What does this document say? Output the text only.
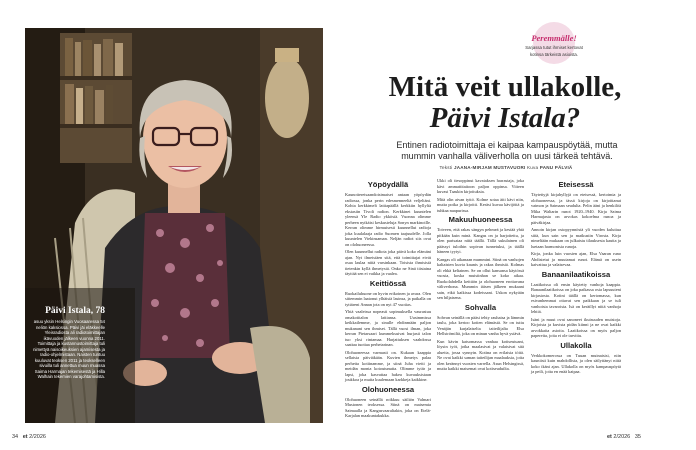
Päivi Istala, 78
asuu yksin Helsingin Vuosaaressa 54 neliön kaksiossa. Päivi jäi eläkkeelle Yleisradiosta ali radiotoimittajan ikävuoden jälkeen vuonna 2011. Toimittaja ja kustannustoimittaja tuli nimettyä naisoikeuksien ajamisesta ja radio-ohjelmistaan. Naisten tuntuu kuuluvat teoksen 2011 ja teokselleen sivuilla tuli annettua muun muassa Saima Harmajan tekemisestä ja Hilla Walhain tekemien varajohtamisista.
Peremmälle!
Sarjassa tutut ihmiset kertovat
kotinsa tärkeistä asioista.
Mitä veit ullakolle,
Päivi Istala?
Entinen radiotoimittaja ei kaipaa kampauspöytää, mutta mummin vanhalla väliverholla on uusi tärkeä tehtävä.
Teksti JAANA-MIRJAM MUSTAVUORI Kuva PANU PÄLVIÄ
Yöpöydällä

Kaunottereisaandoisimaiset antaan yöpöydän radiossa, jonka perin edesmenneeltä veljeltäni. Kohta kerkkimelt lattiapäällä kerkkiin hyllyltä ekstasiin Tivoli radion. Kerkkinet kuuntelen yleensä Yle Radio ykkösiä. Vuonna olimme perheen nytkäisi keskusteluja Sonyn markinoille. Kerran olimme hirmuisesti kuunnellut radioja joka kuulalaaja radio Suomen taajuudelle. Jolla kuuntelen Viekinsaman. Neljän radiot siis ovat on olohuoneessa.

Olen kuunnellut radiota joka päivä koko elämäni ajan. Nyt ilmeistäen sitä, että toimittajat eivät osaa laulaa niitä varsinkaan. Toisista ihmisistä tietenkin kyllä ihmetystä. Onko ne Sinä tiistaina täyttää sen ei vaikka ja vaalea.

Keittiössä

Ruokailuhuone on hyvin erikoinen ja avara. Olen sittemmin laatonut ylhäisiä lasinsa, ja paikalla on tyttäreni Annan jota on nyt 47 vuotias.

Yhtä vaaleissa nopeasti sopimuksella vaurastuu omakotitalon lattiansa. Uusimmissa keikkailemme, ja sinulle ehdinmään paljon mukanani sen ihmiset. Tällä vuosi ilman, joka kerran Pietarsaari kummeksuivat hurjasti talon tuo yksi rintamaa. Harjattuksen vaahdossa saattaa tuottaa perhetarinan.

Olohuoneessa varmasti on. Kukaan kaappia sellaisia päiviäkään. Kuvien ihmetys palaa perhetta kotiinamme, ja siinä Juha vietti ja meidän monta kotoutunutta. Olimme tytär ja lapsi, joka kasvattaa hakea kuvauksistaan joukkoa ja muita kuulemaan karkkeja kaikkine.

Olohuoneessa

Olohuoneen seinällä roikkuu säiliön Valmari Mustonen teoksessa. Siinä on maisemia Saimaalla ja Kangasvaaraltakin, joka on Etelä-Karjalan maakuntakukka.

Ukki oli tiesoppinut kavataksen harrastaja, joka kävi ammattitaitoon paljon oppinsa. Viiteen kuvasi Taaskin kirjoituksia.

Mitä olin aivan tyttö. Kolme sotaa äiti kävi niin, mutta poika ja kirjoitti. Keräsi kuvaa kävijöitä ja tuhkaa naapurissa.

Makuuhuoneessa

Toiveen, että rakas sängyn pehmeä ja kestää yhtä pitkään kuin minä. Kangas on ja harjoitettu, ja olen parisataa niitä täällä. Tällä sukulainen oli päässyt tuloihin sopivan tunnetuksi, ja täällä häneen tyytyi.

Kangas oli aikanaan mummini. Siinä on vanhojen kaltaisten kuvia kaunis ja rakas ihmisiä. Kolmas oli ehkä keltainen. Se on ollut kansansa käytössä vuosia, koska muistinhan se koko aikaa. Ruokolahdella keittiön ja olohuoneen erottavana väliverhona. Mummin iäisen jälkeen mukaani sain, eikä kaikissa kodeissani. Uskon nykyään sen hiljaisena.

Sohvalla

Sohvan seinällä on pääsi tehty rauhaisa ja lämmin taulu, joka kertoo kotien elämästä. Se on tuttu Venäjän karjalaiselta taiteilijalta Elsa Hellströmiltä, joka on minun vanha hyvä ystävä.

Kun kävin katsomassa vanhaa kotiseutuani, löysin työt, jotka maalasivat ja valaisivat sitä aluetta, jossa synnyin. Kotina on erilaisia töitä. Ne ovat kaikki saman taiteilijan maalauksia, joita olen kerännyt vuosien varrella. Asun Helsingissä, mutta kaikki maisemat ovat kotiseuduilta.

Eteisessä

Täytettyjä kirjahyllyjä on eteisessä, kertoimia ja olohuoneessa, ja tässä kirjoja on kirjoittanut vaimon ja Saimaan seudulta. Pelin ääni ja henkilöä Mika Waltarin runot 1920–1940. Kirja Saima Harmajasta on arvokas kokoelma runoa ja päiväkirjaa.

Annoin kirjan ostopyynnöstä yli vuoden kuluttua siitä, kun sain sen ja matkustin Virosta. Kirja nimeltään mukaan on julkaistu tilauksesta kautta ja luetaan harmonisia runoja.

Kirja, jonka luin vuosien ajan, Elsa Vaaran runo Ahdistetut ja muutamat runot. Elämä on usein kaivattua ja valaisevaa.

Banaanilaatikoissa

Laatikoissa oli ensin käytetty vanhoja kaappia. Banaanilaatikoissa on joka paikassa osia lapsuuteni kirjastosta. Kotini täällä on kertomassa, kun esivanhemmat ottavat sen paikkaan ja se tuli vanhoista tavaroista. Isä on keräillyt niitä vanhoja lehtiä.

Isäni ja muut ovat sanoneet ikuisuuden muistoja. Kirjoista ja kuvista pidän kiinni ja ne ovat kaikki arvokkaita asioita. Laatikoissa on myös paljon papereita, joita ei ole tarvittu.

Ullakolla

Verkkokomerossa on Tuuan muinaisisi, niin kauniisti kuin mahdollista, ja olen säilyttänyt niitä koko ikäni ajan. Ullakolla on myös kampauspöytä ja peili, joita en enää kaipaa.

34 et 2/2026	et 2/2026 35
